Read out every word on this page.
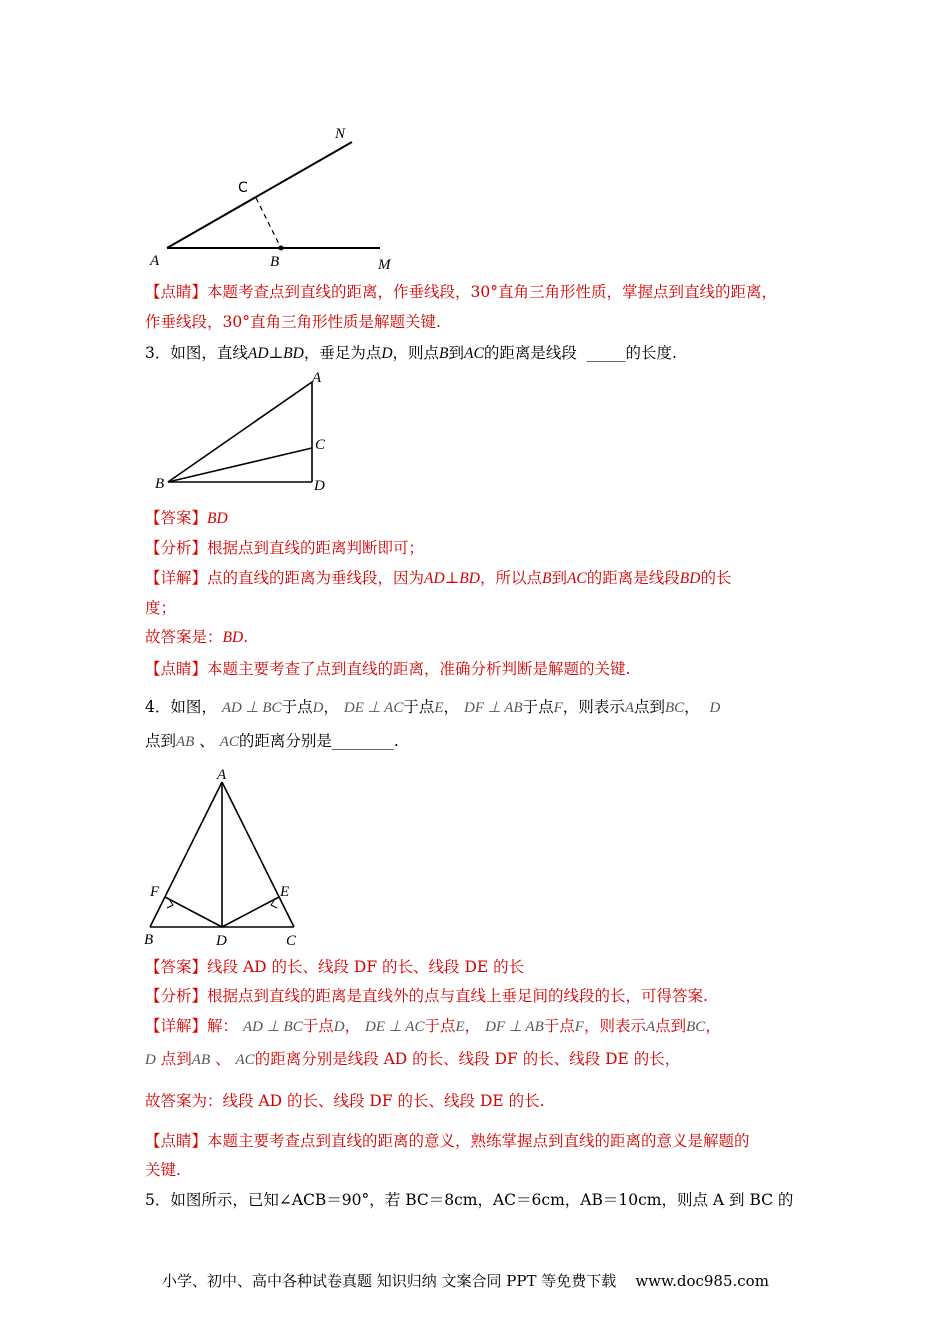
N
C
A	B	M
【点睛】本题考查点到直线的距离，作垂线段，30°直角三角形性质，掌握点到直线的距离，
作垂线段，30°直角三角形性质是解题关键.
3．如图，直线AD⊥BD，垂足为点D，则点B到AC的距离是线段 _____的长度.
A
C
B	D
【答案】BD
【分析】根据点到直线的距离判断即可；
【详解】点的直线的距离为垂线段，因为AD⊥BD，所以点B到AC的距离是线段BD的长
度；
故答案是：BD.
【点睛】本题主要考查了点到直线的距离，准确分析判断是解题的关键.
4．如图， AD ⊥ BC于点D， DE ⊥ AC于点E， DF ⊥ AB于点F，则表示A点到BC， D
点到AB 、 AC的距离分别是________.
A
F	E
B	D	C
【答案】线段 AD 的长、线段 DF 的长、线段 DE 的长
【分析】根据点到直线的距离是直线外的点与直线上垂足间的线段的长，可得答案.
【详解】解： AD ⊥ BC于点D， DE ⊥ AC于点E， DF ⊥ AB于点F，则表示A点到BC，
D 点到AB 、 AC的距离分别是线段 AD 的长、线段 DF 的长、线段 DE 的长，
故答案为：线段 AD 的长、线段 DF 的长、线段 DE 的长.
【点睛】本题主要考查点到直线的距离的意义，熟练掌握点到直线的距离的意义是解题的
关键.
5．如图所示，已知∠ACB＝90°，若 BC＝8cm，AC＝6cm，AB＝10cm，则点 A 到 BC 的
小学、初中、高中各种试卷真题 知识归纳 文案合同 PPT 等免费下载 www.doc985.com
